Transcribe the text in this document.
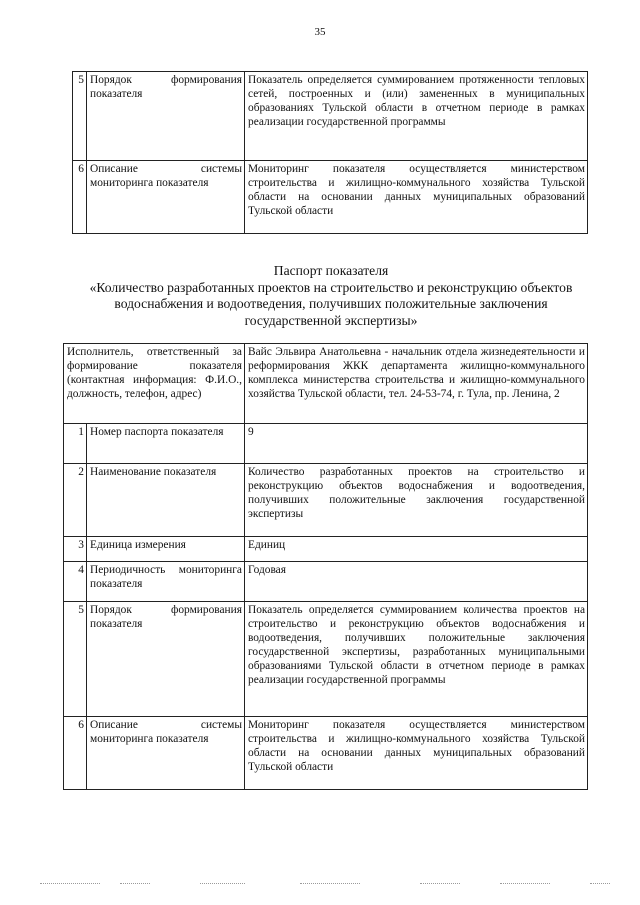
35
5	Порядок формирования показателя	Показатель определяется суммированием протяженности тепловых сетей, построенных и (или) замененных в муниципальных образованиях Тульской области в отчетном периоде в рамках реализации государственной программы
6	Описание системы мониторинга показателя	Мониторинг показателя осуществляется министерством строительства и жилищно-коммунального хозяйства Тульской области на основании данных муниципальных образований Тульской области
Паспорт показателя
«Количество разработанных проектов на строительство и реконструкцию объектов водоснабжения и водоотведения, получивших положительные заключения государственной экспертизы»
Исполнитель, ответственный за формирование показателя (контактная информация: Ф.И.О., должность, телефон, адрес)		Вайс Эльвира Анатольевна - начальник отдела жизнедеятельности и реформирования ЖКК департамента жилищно-коммунального комплекса министерства строительства и жилищно-коммунального хозяйства Тульской области, тел. 24-53-74, г. Тула, пр. Ленина, 2
1	Номер паспорта показателя	9
2	Наименование показателя	Количество разработанных проектов на строительство и реконструкцию объектов водоснабжения и водоотведения, получивших положительные заключения государственной экспертизы
3	Единица измерения	Единиц
4	Периодичность мониторинга показателя	Годовая
5	Порядок формирования показателя	Показатель определяется суммированием количества проектов на строительство и реконструкцию объектов водоснабжения и водоотведения, получивших положительные заключения государственной экспертизы, разработанных муниципальными образованиями Тульской области в отчетном периоде в рамках реализации государственной программы
6	Описание системы мониторинга показателя	Мониторинг показателя осуществляется министерством строительства и жилищно-коммунального хозяйства Тульской области на основании данных муниципальных образований Тульской области
